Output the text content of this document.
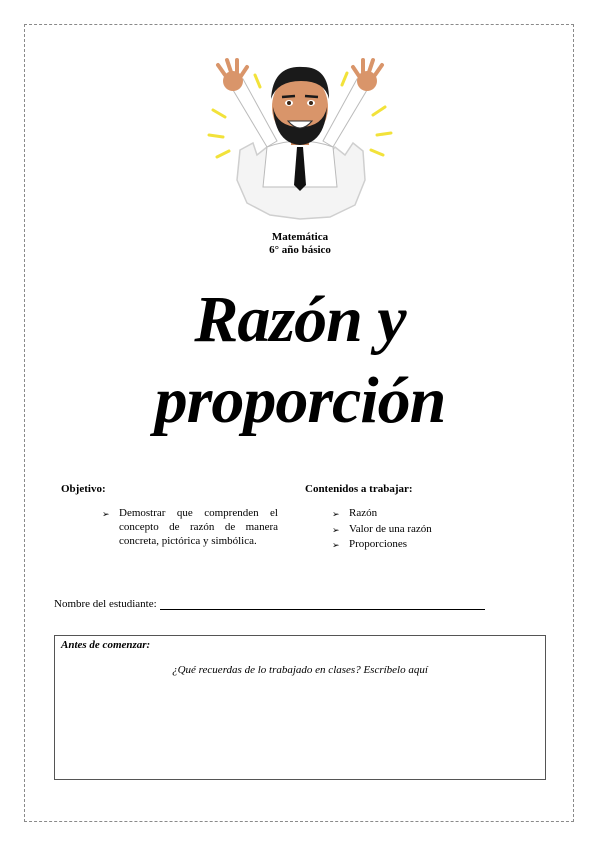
Matemática
6° año básico
Razón y
proporción
Objetivo:
➢ Demostrar que comprenden el concepto de razón de manera concreta, pictórica y simbólica.
Contenidos a trabajar:
➢ Razón
➢ Valor de una razón
➢ Proporciones
Nombre del estudiante:
Antes de comenzar:
¿Qué recuerdas de lo trabajado en clases? Escríbelo aquí
